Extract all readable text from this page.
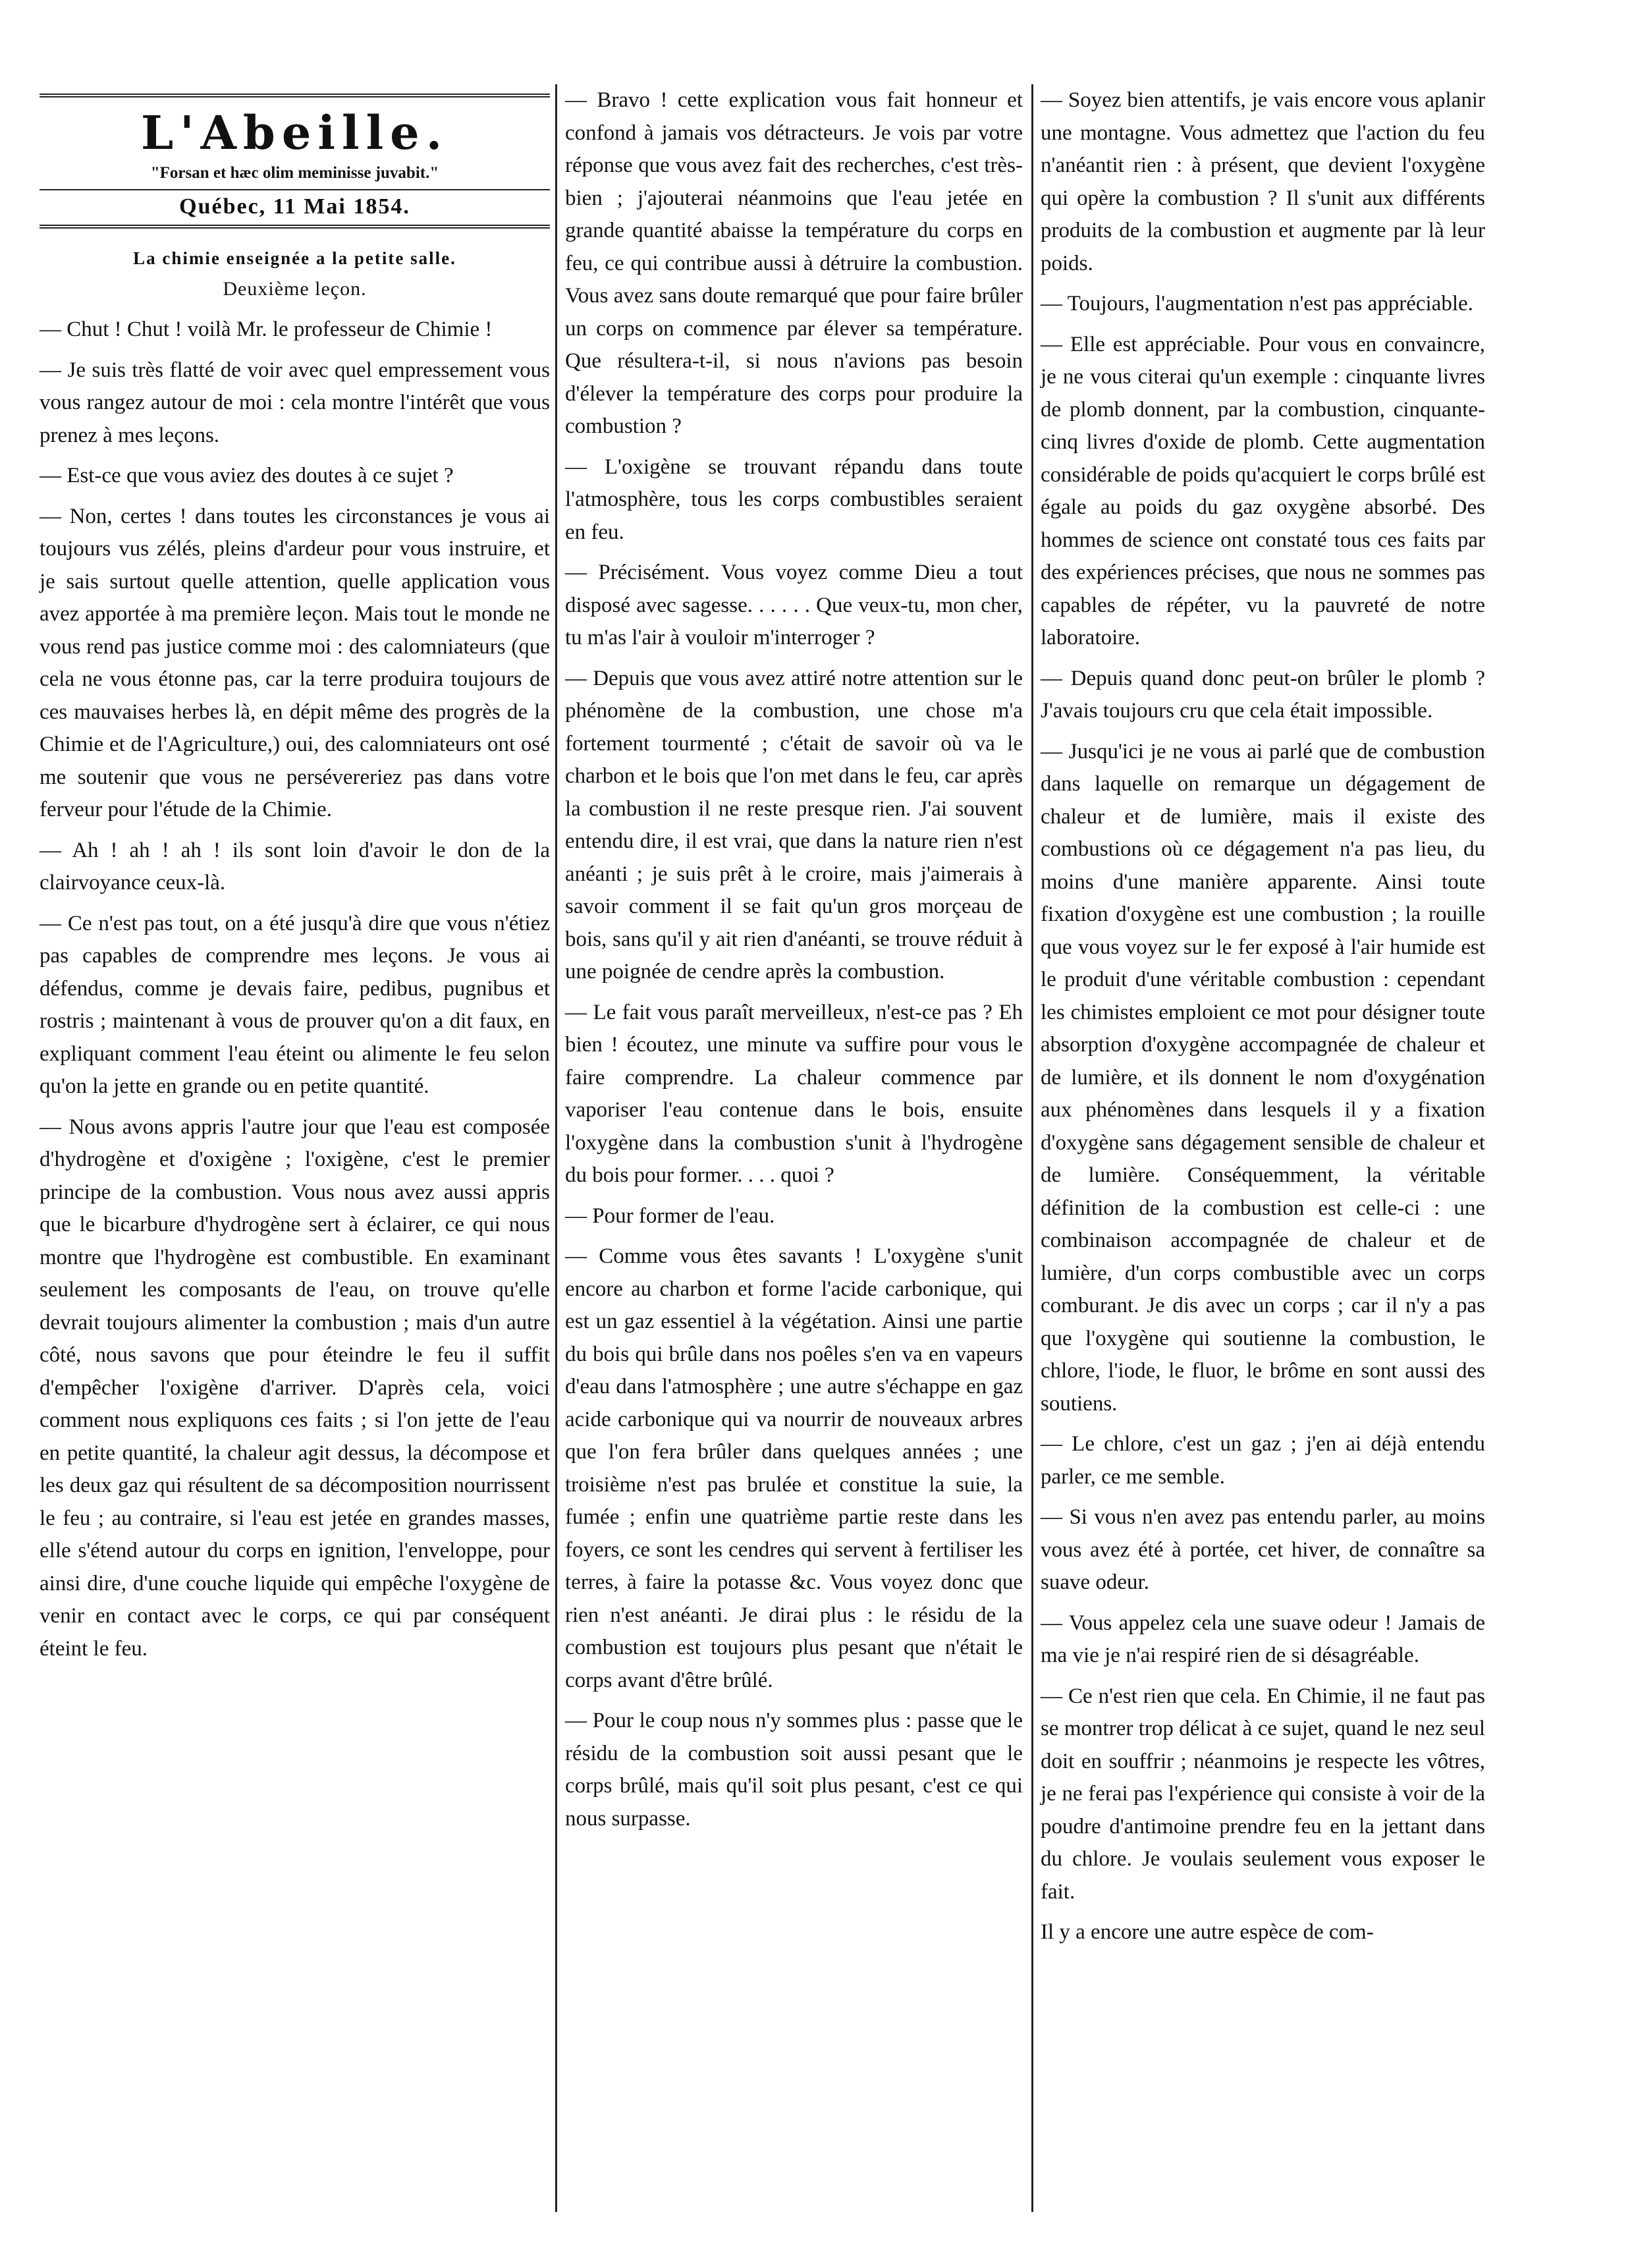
L'Abeille.
"Forsan et hæc olim meminisse juvabit."
Québec, 11 Mai 1854.
La chimie enseignée a la petite salle.
Deuxième leçon.

— Chut ! Chut ! voilà Mr. le professeur de Chimie !

— Je suis très flatté de voir avec quel empressement vous vous rangez autour de moi : cela montre l'intérêt que vous prenez à mes leçons.

— Est-ce que vous aviez des doutes à ce sujet ?

— Non, certes ! dans toutes les circonstances je vous ai toujours vus zélés, pleins d'ardeur pour vous instruire, et je sais surtout quelle attention, quelle application vous avez apportée à ma première leçon. Mais tout le monde ne vous rend pas justice comme moi : des calomniateurs (que cela ne vous étonne pas, car la terre produira toujours de ces mauvaises herbes là, en dépit même des progrès de la Chimie et de l'Agriculture,) oui, des calomniateurs ont osé me soutenir que vous ne persévereriez pas dans votre ferveur pour l'étude de la Chimie.

— Ah ! ah ! ah ! ils sont loin d'avoir le don de la clairvoyance ceux-là.

— Ce n'est pas tout, on a été jusqu'à dire que vous n'étiez pas capables de comprendre mes leçons. Je vous ai défendus, comme je devais faire, pedibus, pugnibus et rostris ; maintenant à vous de prouver qu'on a dit faux, en expliquant comment l'eau éteint ou alimente le feu selon qu'on la jette en grande ou en petite quantité.

— Nous avons appris l'autre jour que l'eau est composée d'hydrogène et d'oxigène ; l'oxigène, c'est le premier principe de la combustion. Vous nous avez aussi appris que le bicarbure d'hydrogène sert à éclairer, ce qui nous montre que l'hydrogène est combustible. En examinant seulement les composants de l'eau, on trouve qu'elle devrait toujours alimenter la combustion ; mais d'un autre côté, nous savons que pour éteindre le feu il suffit d'empêcher l'oxigène d'arriver. D'après cela, voici comment nous expliquons ces faits ; si l'on jette de l'eau en petite quantité, la chaleur agit dessus, la décompose et les deux gaz qui résultent de sa décomposition nourrissent le feu ; au contraire, si l'eau est jetée en grandes masses, elle s'étend autour du corps en ignition, l'enveloppe, pour ainsi dire, d'une couche liquide qui empêche l'oxygène de venir en contact avec le corps, ce qui par conséquent éteint le feu.

— Bravo ! cette explication vous fait honneur et confond à jamais vos détracteurs. Je vois par votre réponse que vous avez fait des recherches, c'est très-bien ; j'ajouterai néanmoins que l'eau jetée en grande quantité abaisse la température du corps en feu, ce qui contribue aussi à détruire la combustion. Vous avez sans doute remarqué que pour faire brûler un corps on commence par élever sa température. Que résultera-t-il, si nous n'avions pas besoin d'élever la température des corps pour produire la combustion ?

— L'oxigène se trouvant répandu dans toute l'atmosphère, tous les corps combustibles seraient en feu.

— Précisément. Vous voyez comme Dieu a tout disposé avec sagesse. . . . . . Que veux-tu, mon cher, tu m'as l'air à vouloir m'interroger ?

— Depuis que vous avez attiré notre attention sur le phénomène de la combustion, une chose m'a fortement tourmenté ; c'était de savoir où va le charbon et le bois que l'on met dans le feu, car après la combustion il ne reste presque rien. J'ai souvent entendu dire, il est vrai, que dans la nature rien n'est anéanti ; je suis prêt à le croire, mais j'aimerais à savoir comment il se fait qu'un gros morçeau de bois, sans qu'il y ait rien d'anéanti, se trouve réduit à une poignée de cendre après la combustion.

— Le fait vous paraît merveilleux, n'est-ce pas ? Eh bien ! écoutez, une minute va suffire pour vous le faire comprendre. La chaleur commence par vaporiser l'eau contenue dans le bois, ensuite l'oxygène dans la combustion s'unit à l'hydrogène du bois pour former. . . . quoi ?

— Pour former de l'eau.

— Comme vous êtes savants ! L'oxygène s'unit encore au charbon et forme l'acide carbonique, qui est un gaz essentiel à la végétation. Ainsi une partie du bois qui brûle dans nos poêles s'en va en vapeurs d'eau dans l'atmosphère ; une autre s'échappe en gaz acide carbonique qui va nourrir de nouveaux arbres que l'on fera brûler dans quelques années ; une troisième n'est pas brulée et constitue la suie, la fumée ; enfin une quatrième partie reste dans les foyers, ce sont les cendres qui servent à fertiliser les terres, à faire la potasse &c. Vous voyez donc que rien n'est anéanti. Je dirai plus : le résidu de la combustion est toujours plus pesant que n'était le corps avant d'être brûlé.

— Pour le coup nous n'y sommes plus : passe que le résidu de la combustion soit aussi pesant que le corps brûlé, mais qu'il soit plus pesant, c'est ce qui nous surpasse.

— Soyez bien attentifs, je vais encore vous aplanir une montagne. Vous admettez que l'action du feu n'anéantit rien : à présent, que devient l'oxygène qui opère la combustion ? Il s'unit aux différents produits de la combustion et augmente par là leur poids.

— Toujours, l'augmentation n'est pas appréciable.

— Elle est appréciable. Pour vous en convaincre, je ne vous citerai qu'un exemple : cinquante livres de plomb donnent, par la combustion, cinquante-cinq livres d'oxide de plomb. Cette augmentation considérable de poids qu'acquiert le corps brûlé est égale au poids du gaz oxygène absorbé. Des hommes de science ont constaté tous ces faits par des expériences précises, que nous ne sommes pas capables de répéter, vu la pauvreté de notre laboratoire.

— Depuis quand donc peut-on brûler le plomb ? J'avais toujours cru que cela était impossible.

— Jusqu'ici je ne vous ai parlé que de combustion dans laquelle on remarque un dégagement de chaleur et de lumière, mais il existe des combustions où ce dégagement n'a pas lieu, du moins d'une manière apparente. Ainsi toute fixation d'oxygène est une combustion ; la rouille que vous voyez sur le fer exposé à l'air humide est le produit d'une véritable combustion : cependant les chimistes emploient ce mot pour désigner toute absorption d'oxygène accompagnée de chaleur et de lumière, et ils donnent le nom d'oxygénation aux phénomènes dans lesquels il y a fixation d'oxygène sans dégagement sensible de chaleur et de lumière. Conséquemment, la véritable définition de la combustion est celle-ci : une combinaison accompagnée de chaleur et de lumière, d'un corps combustible avec un corps comburant. Je dis avec un corps ; car il n'y a pas que l'oxygène qui soutienne la combustion, le chlore, l'iode, le fluor, le brôme en sont aussi des soutiens.

— Le chlore, c'est un gaz ; j'en ai déjà entendu parler, ce me semble.

— Si vous n'en avez pas entendu parler, au moins vous avez été à portée, cet hiver, de connaître sa suave odeur.

— Vous appelez cela une suave odeur ! Jamais de ma vie je n'ai respiré rien de si désagréable.

— Ce n'est rien que cela. En Chimie, il ne faut pas se montrer trop délicat à ce sujet, quand le nez seul doit en souffrir ; néanmoins je respecte les vôtres, je ne ferai pas l'expérience qui consiste à voir de la poudre d'antimoine prendre feu en la jettant dans du chlore. Je voulais seulement vous exposer le fait.

Il y a encore une autre espèce de com-
